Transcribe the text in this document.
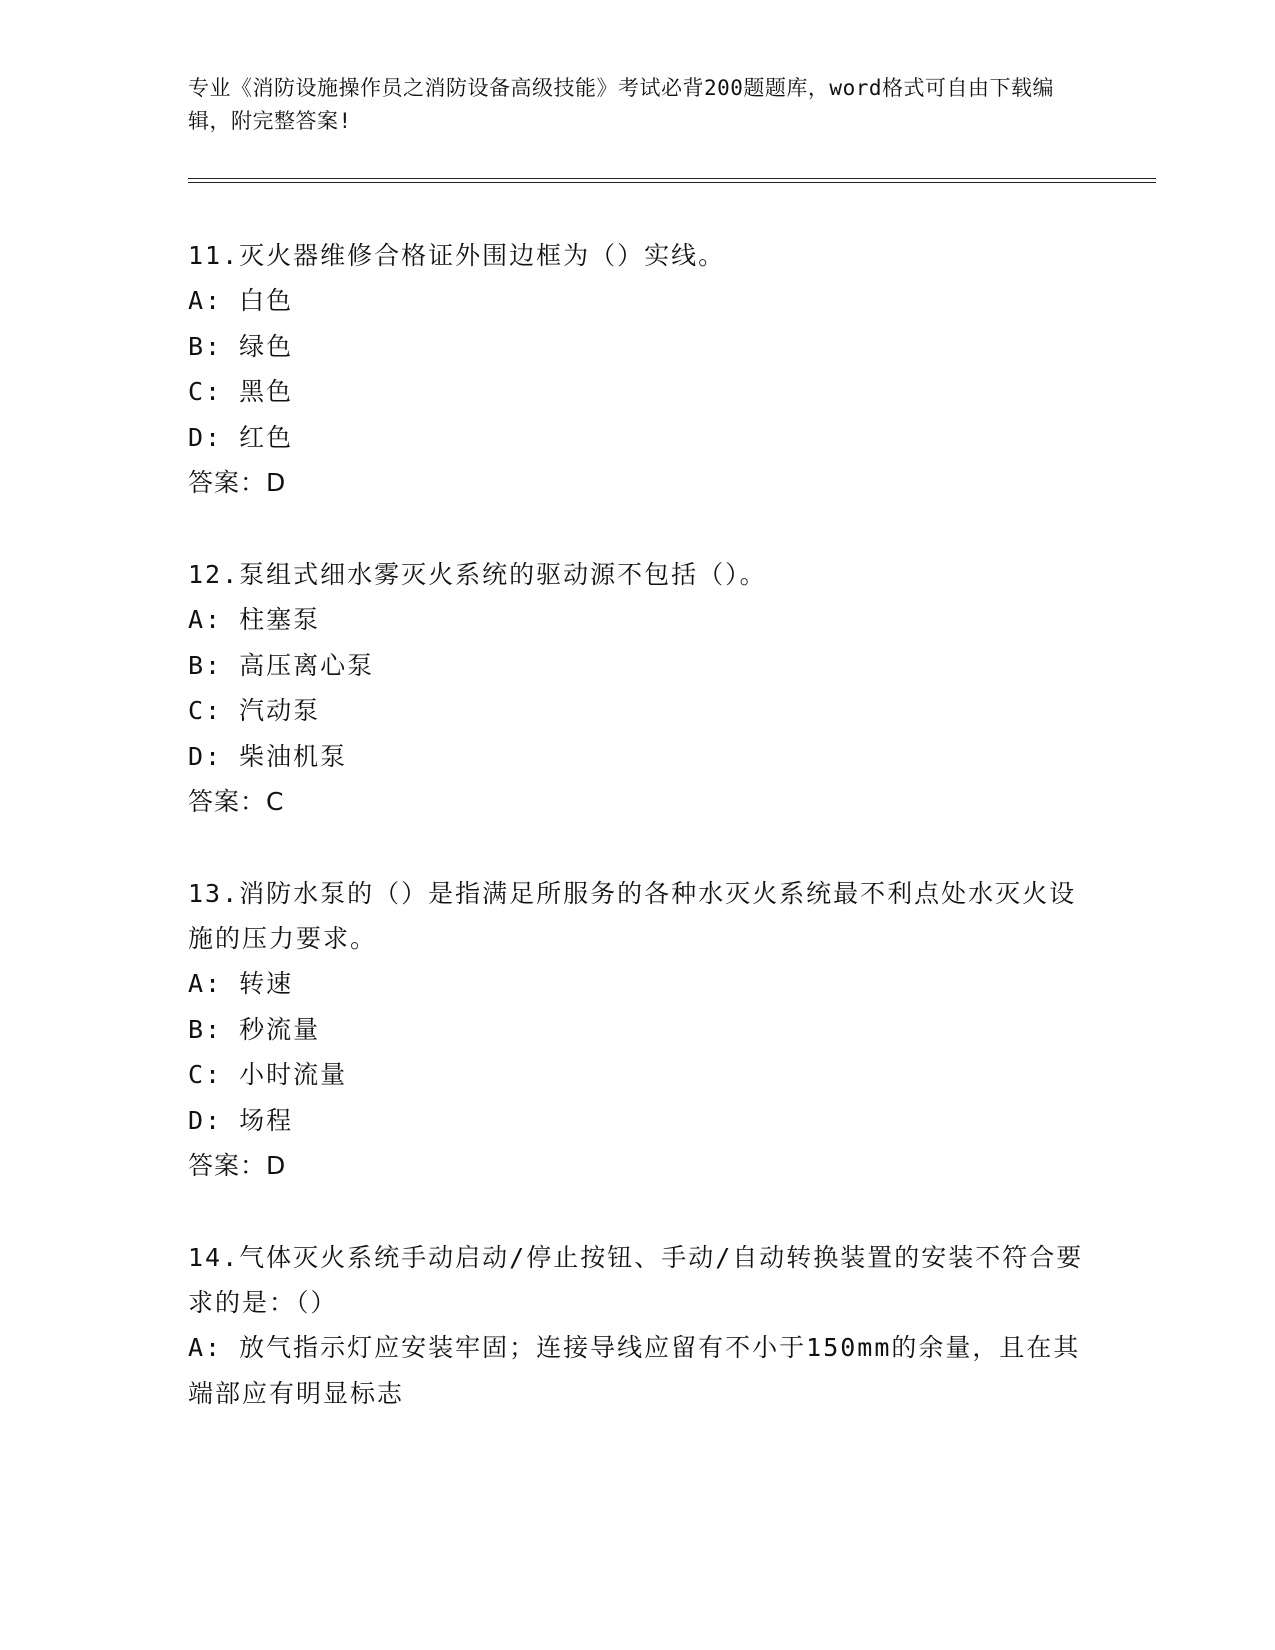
专业《消防设施操作员之消防设备高级技能》考试必背200题题库，word格式可自由下载编辑，附完整答案!
11.灭火器维修合格证外围边框为（）实线。
A: 白色
B: 绿色
C: 黑色
D: 红色
答案：D
12.泵组式细水雾灭火系统的驱动源不包括（）。
A: 柱塞泵
B: 高压离心泵
C: 汽动泵
D: 柴油机泵
答案：C
13.消防水泵的（）是指满足所服务的各种水灭火系统最不利点处水灭火设施的压力要求。
A: 转速
B: 秒流量
C: 小时流量
D: 场程
答案：D
14.气体灭火系统手动启动/停止按钮、手动/自动转换装置的安装不符合要求的是：（）
A: 放气指示灯应安装牢固；连接导线应留有不小于150mm的余量，且在其端部应有明显标志
